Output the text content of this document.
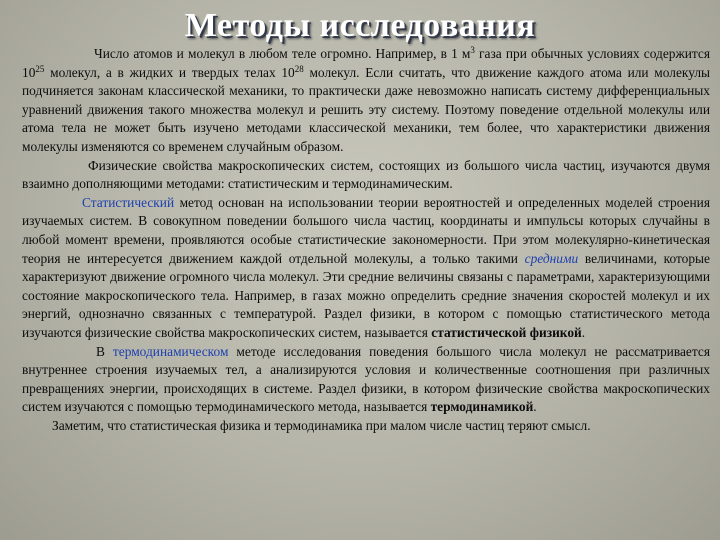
Методы исследования

Число атомов и молекул в любом теле огромно. Например, в 1 $м^3$ газа при обычных условиях содержится $10^{25}$ молекул, а в жидких и твердых телах $10^{28}$ молекул. Если считать, что движение каждого атома или молекулы подчиняется законам классической механики, то практически даже невозможно написать систему дифференциальных уравнений движения такого множества молекул и решить эту систему. Поэтому поведение отдельной молекулы или атома тела не может быть изучено методами классической механики, тем более, что характеристики движения молекулы изменяются со временем случайным образом.

Физические свойства макроскопических систем, состоящих из большого числа частиц, изучаются двумя взаимно дополняющими методами: статистическим и термодинамическим.

Статистический метод основан на использовании теории вероятностей и определенных моделей строения изучаемых систем. В совокупном поведении большого числа частиц, координаты и импульсы которых случайны в любой момент времени, проявляются особые статистические закономерности. При этом молекулярно-кинетическая теория не интересуется движением каждой отдельной молекулы, а только такими средними величинами, которые характеризуют движение огромного числа молекул. Эти средние величины связаны с параметрами, характеризующими состояние макроскопического тела. Например, в газах можно определить средние значения скоростей молекул и их энергий, однозначно связанных с температурой. Раздел физики, в котором с помощью статистического метода изучаются физические свойства макроскопических систем, называется статистической физикой.

В термодинамическом методе исследования поведения большого числа молекул не рассматривается внутреннее строения изучаемых тел, а анализируются условия и количественные соотношения при различных превращениях энергии, происходящих в системе. Раздел физики, в котором физические свойства макроскопических систем изучаются с помощью термодинамического метода, называется термодинамикой.

Заметим, что статистическая физика и термодинамика при малом числе частиц теряют смысл.
